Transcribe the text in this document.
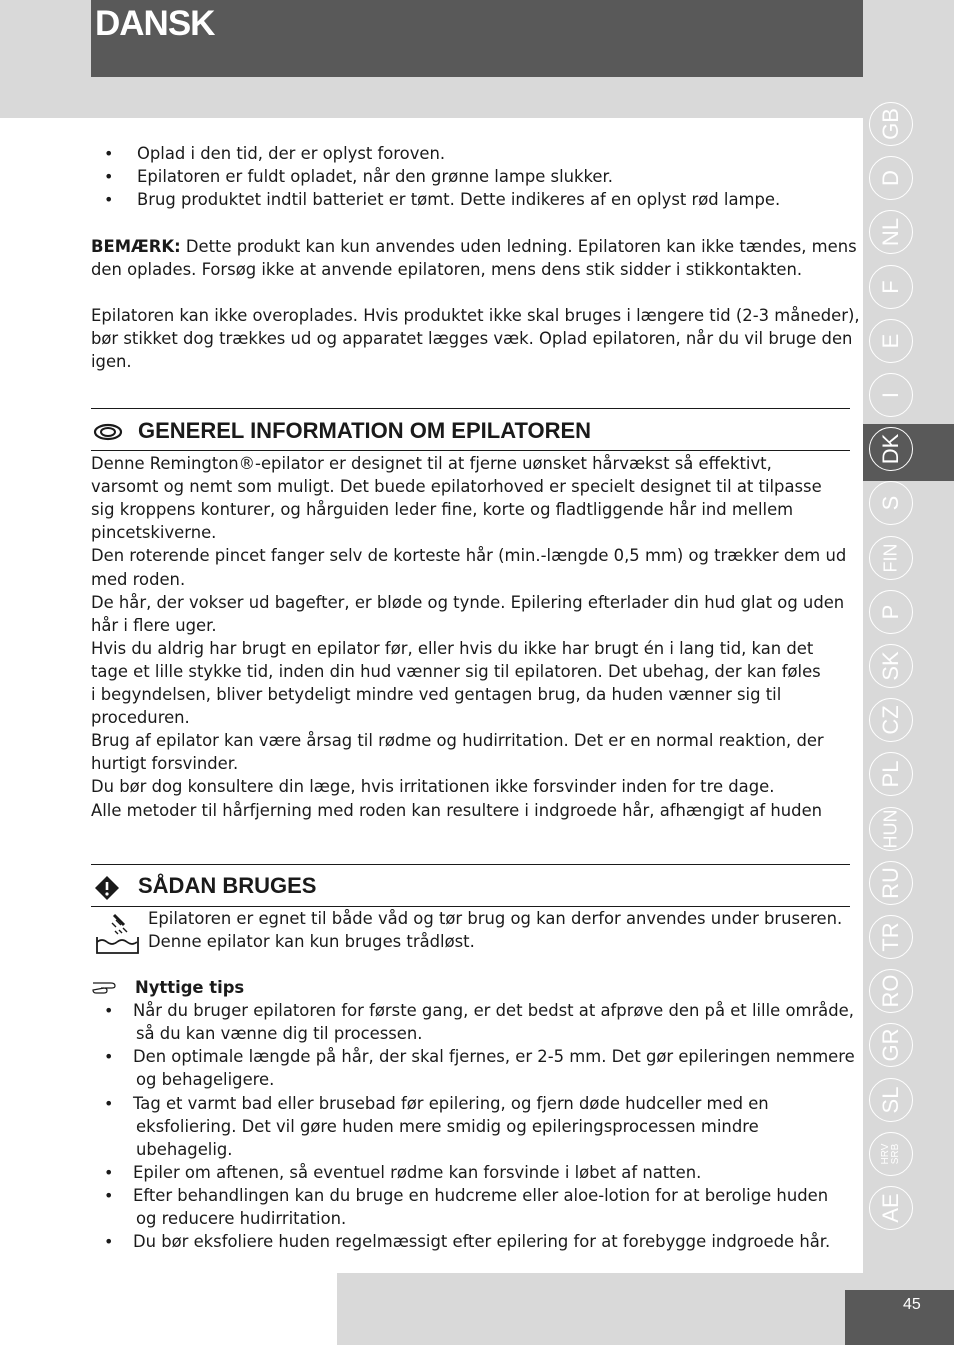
DANSK
• Oplad i den tid, der er oplyst foroven.
• Epilatoren er fuldt opladet, når den grønne lampe slukker.
• Brug produktet indtil batteriet er tømt. Dette indikeres af en oplyst rød lampe.
BEMÆRK: Dette produkt kan kun anvendes uden ledning. Epilatoren kan ikke tændes, mens
den oplades. Forsøg ikke at anvende epilatoren, mens dens stik sidder i stikkontakten.
Epilatoren kan ikke overoplades. Hvis produktet ikke skal bruges i længere tid (2-3 måneder),
bør stikket dog trækkes ud og apparatet lægges væk. Oplad epilatoren, når du vil bruge den
igen.
GENEREL INFORMATION OM EPILATOREN
Denne Remington®-epilator er designet til at fjerne uønsket hårvækst så effektivt,
varsomt og nemt som muligt. Det buede epilatorhoved er specielt designet til at tilpasse
sig kroppens konturer, og hårguiden leder fine, korte og fladtliggende hår ind mellem
pincetskiverne.
Den roterende pincet fanger selv de korteste hår (min.-længde 0,5 mm) og trækker dem ud
med roden.
De hår, der vokser ud bagefter, er bløde og tynde. Epilering efterlader din hud glat og uden
hår i flere uger.
Hvis du aldrig har brugt en epilator før, eller hvis du ikke har brugt én i lang tid, kan det
tage et lille stykke tid, inden din hud vænner sig til epilatoren. Det ubehag, der kan føles
i begyndelsen, bliver betydeligt mindre ved gentagen brug, da huden vænner sig til
proceduren.
Brug af epilator kan være årsag til rødme og hudirritation. Det er en normal reaktion, der
hurtigt forsvinder.
Du bør dog konsultere din læge, hvis irritationen ikke forsvinder inden for tre dage.
Alle metoder til hårfjerning med roden kan resultere i indgroede hår, afhængigt af huden
SÅDAN BRUGES
Epilatoren er egnet til både våd og tør brug og kan derfor anvendes under bruseren.
Denne epilator kan kun bruges trådløst.
Nyttige tips
• Når du bruger epilatoren for første gang, er det bedst at afprøve den på et lille område,
så du kan vænne dig til processen.
• Den optimale længde på hår, der skal fjernes, er 2-5 mm. Det gør epileringen nemmere
og behageligere.
• Tag et varmt bad eller brusebad før epilering, og fjern døde hudceller med en
eksfoliering. Det vil gøre huden mere smidig og epileringsprocessen mindre
ubehagelig.
• Epiler om aftenen, så eventuel rødme kan forsvinde i løbet af natten.
• Efter behandlingen kan du bruge en hudcreme eller aloe-lotion for at berolige huden
og reducere hudirritation.
• Du bør eksfoliere huden regelmæssigt efter epilering for at forebygge indgroede hår.
GB
D
NL
F
E
I
DK
S
FIN
P
SK
CZ
PL
HUN
RU
TR
RO
GR
SL
HRV SRB
AE
45
